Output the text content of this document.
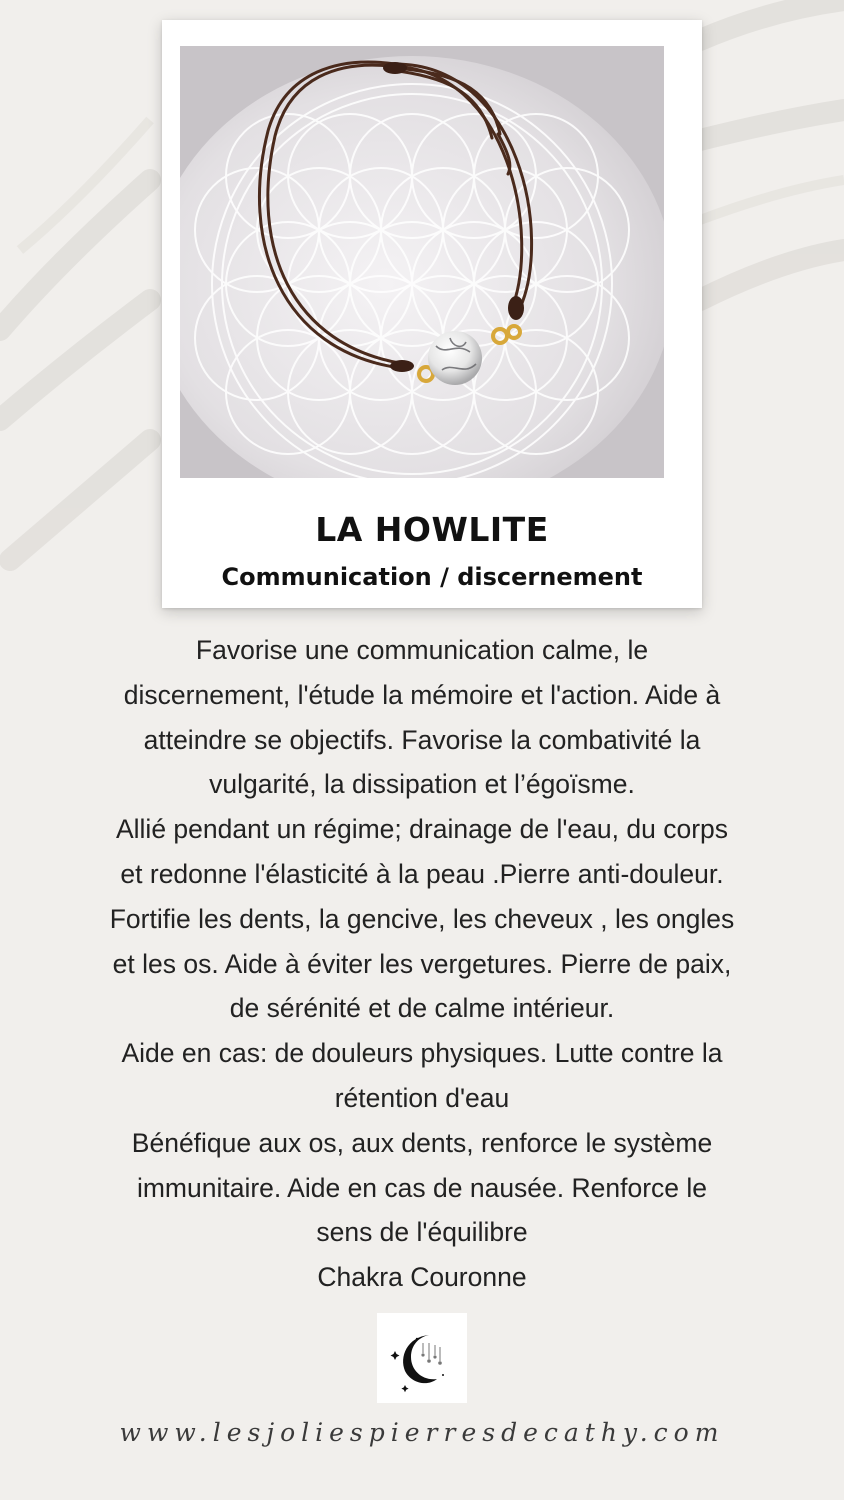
LA HOWLITE
Communication / discernement
Favorise une communication calme, le
discernement, l'étude la mémoire et l'action. Aide à
atteindre se objectifs. Favorise la combativité la
vulgarité, la dissipation et l’égoïsme.
Allié pendant un régime; drainage de l'eau, du corps
et redonne l'élasticité à la peau .Pierre anti-douleur.
Fortifie les dents, la gencive, les cheveux , les ongles
et les os. Aide à éviter les vergetures. Pierre de paix,
de sérénité et de calme intérieur.
Aide en cas: de douleurs physiques. Lutte contre la
rétention d'eau
Bénéfique aux os, aux dents, renforce le système
immunitaire. Aide en cas de nausée. Renforce le
sens de l'équilibre
Chakra Couronne
www.lesjoliespierresdecathy.com
